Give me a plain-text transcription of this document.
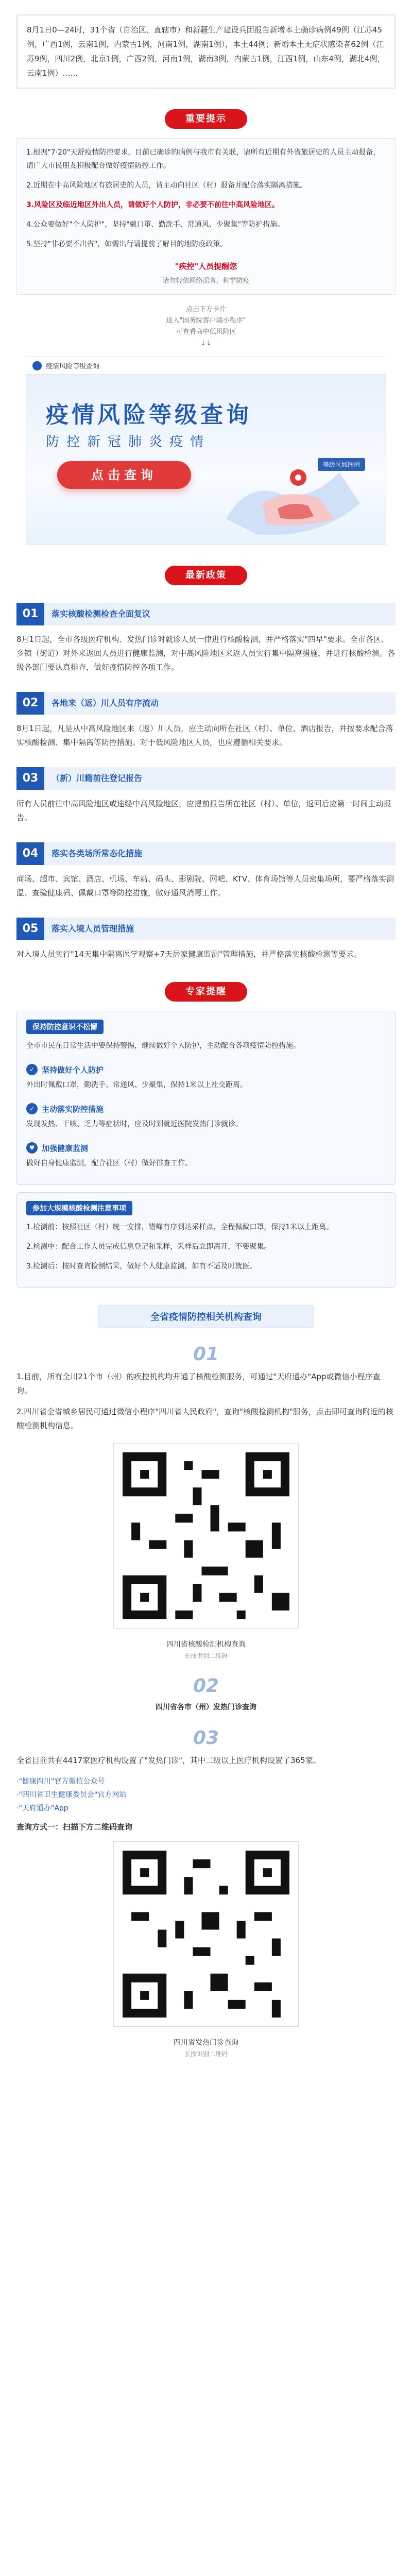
8月1日0—24时，31个省（自治区、直辖市）和新疆生产建设兵团报告新增本土确诊病例49例（江苏45例，广西1例，云南1例，内蒙古1例，河南1例，湖南1例），本土44例；新增本土无症状感染者62例（江苏9例，四川2例，北京1例，广西2例，河南1例，湖南3例，内蒙古1例，江西1例，山东4例，湖北4例，云南1例）……
重要提示

1.根据"7·20"天舒疫情防控要求，目前已确诊的病例与我市有关联，请所有近期有外省旅居史的人员主动报备，请广大市民朋友积极配合做好疫情防控工作。

2.近期在中高风险地区有旅居史的人员，请主动向社区（村）报备并配合落实隔离措施。

3.风险区及临近地区外出人员，请做好个人防护，非必要不前往中高风险地区。

4.公众要做好"个人防护"，坚持"戴口罩、勤洗手、常通风、少聚集"等防护措施。

5.坚持"非必要不出省"，如需出行请提前了解目的地防疫政策。

"疾控"人员提醒您
请勿轻信网络谣言，科学防疫
点击下方卡片
进入"国务院客户端小程序"
可查看高中低风险区
↓↓
疫情风险等级查询
疫情风险等级查询
防控新冠肺炎疫情
点击查询
等级区域图例
最新政策
01	落实核酸检测检查全面复议

8月1日起，全市各级医疗机构、发热门诊对就诊人员一律进行核酸检测，并严格落实"四早"要求。全市各区、乡镇（街道）对外来返回人员进行健康监测，对中高风险地区来返人员实行集中隔离措施，并进行核酸检测。各级各部门要认真排查，做好疫情防控各项工作。

02	各地来（返）川人员有序流动

8月1日起，凡是从中高风险地区来（返）川人员，应主动向所在社区（村）、单位、酒店报告，并按要求配合落实核酸检测、集中隔离等防控措施。对于低风险地区人员，也应遵循相关要求。

03	（新）川籍前往登记报告

所有人员前往中高风险地区或途经中高风险地区，应提前报告所在社区（村）、单位，返回后应第一时间主动报告。

04	落实各类场所常态化措施

商场、超市、宾馆、酒店、机场、车站、码头、影剧院、网吧、KTV、体育场馆等人员密集场所，要严格落实测温、查验健康码、佩戴口罩等防控措施，做好通风消毒工作。

05	落实入境人员管理措施

对入境人员实行"14天集中隔离医学观察+7天居家健康监测"管理措施，并严格落实核酸检测等要求。

专家提醒
保持防控意识不松懈

全市市民在日常生活中要保持警惕，继续做好个人防护，主动配合各项疫情防控措施。

✓ 坚持做好个人防护

外出时佩戴口罩，勤洗手、常通风、少聚集，保持1米以上社交距离。

✓ 主动落实防控措施

发现发热、干咳、乏力等症状时，应及时到就近医院发热门诊就诊。

♥ 加强健康监测

做好自身健康监测，配合社区（村）做好排查工作。

参加大规模核酸检测注意事项

1.检测前：按照社区（村）统一安排，错峰有序到达采样点，全程佩戴口罩，保持1米以上距离。

2.检测中：配合工作人员完成信息登记和采样，采样后立即离开，不要聚集。

3.检测后：按时查询检测结果，做好个人健康监测，如有不适及时就医。

全省疫情防控相关机构查询
01

1.目前，所有全川21个市（州）的疾控机构均开通了核酸检测服务，可通过"天府通办"App或微信小程序查询。

2.四川省全省城乡居民可通过微信小程序"四川省人民政府"，查询"核酸检测机构"服务，点击即可查询附近的核酸检测机构信息。

四川省核酸检测机构查询
长按识别二维码
02
四川省各市（州）发热门诊查询
03

全省目前共有4417家医疗机构设置了"发热门诊"，其中二级以上医疗机构设置了365家。

·"健康四川"官方微信公众号
·"四川省卫生健康委员会"官方网站
·"天府通办"App

查询方式一：扫描下方二维码查询

四川省发热门诊查询
长按识别二维码
